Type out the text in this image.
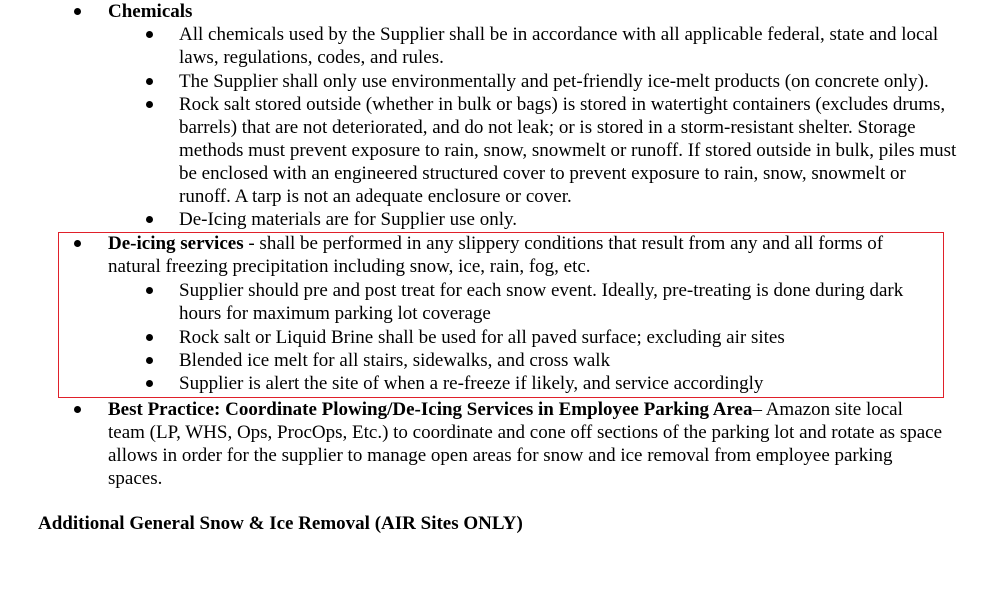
Chemicals
All chemicals used by the Supplier shall be in accordance with all applicable federal, state and local laws, regulations, codes, and rules.
The Supplier shall only use environmentally and pet-friendly ice-melt products (on concrete only).
Rock salt stored outside (whether in bulk or bags) is stored in watertight containers (excludes drums, barrels) that are not deteriorated, and do not leak; or is stored in a storm-resistant shelter. Storage methods must prevent exposure to rain, snow, snowmelt or runoff. If stored outside in bulk, piles must be enclosed with an engineered structured cover to prevent exposure to rain, snow, snowmelt or runoff. A tarp is not an adequate enclosure or cover.
De-Icing materials are for Supplier use only.
De-icing services - shall be performed in any slippery conditions that result from any and all forms of natural freezing precipitation including snow, ice, rain, fog, etc.
Supplier should pre and post treat for each snow event. Ideally, pre-treating is done during dark hours for maximum parking lot coverage
Rock salt or Liquid Brine shall be used for all paved surface; excluding air sites
Blended ice melt for all stairs, sidewalks, and cross walk
Supplier is alert the site of when a re-freeze if likely, and service accordingly
Best Practice: Coordinate Plowing/De-Icing Services in Employee Parking Area– Amazon site local team (LP, WHS, Ops, ProcOps, Etc.) to coordinate and cone off sections of the parking lot and rotate as space allows in order for the supplier to manage open areas for snow and ice removal from employee parking spaces.
Additional General Snow & Ice Removal (AIR Sites ONLY)
